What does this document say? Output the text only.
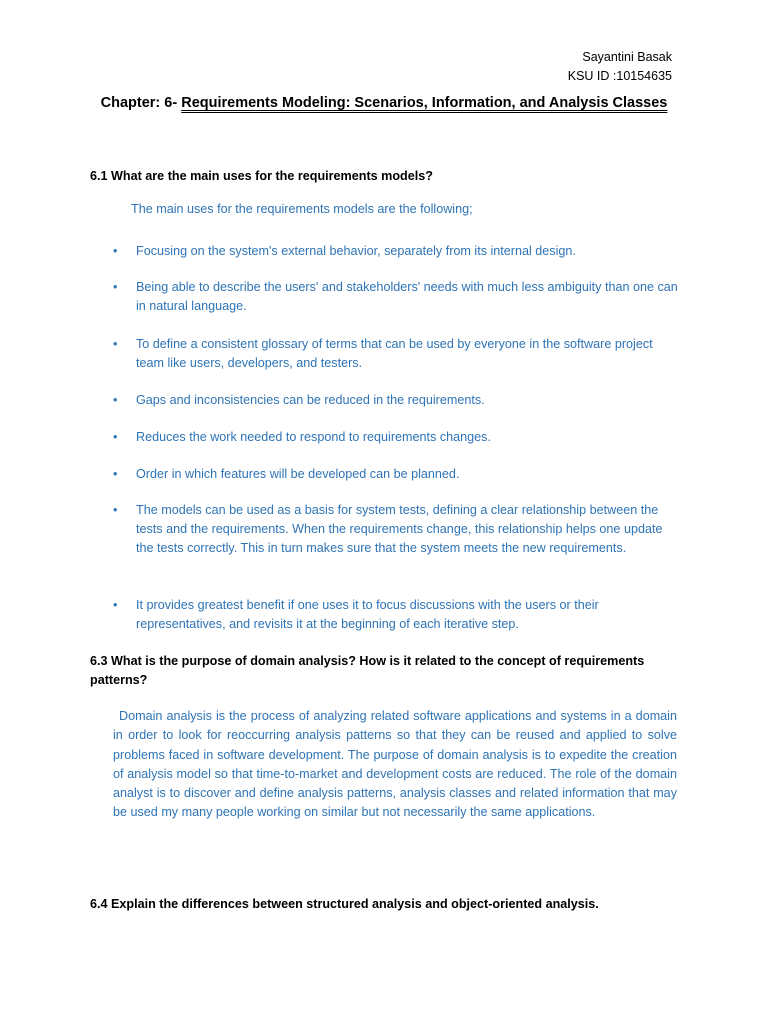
Sayantini Basak
KSU ID :10154635
Chapter: 6- Requirements Modeling: Scenarios, Information, and Analysis Classes
6.1 What are the main uses for the requirements models?
The main uses for the requirements models are the following;
• Focusing on the system's external behavior, separately from its internal design.
• Being able to describe the users' and stakeholders' needs with much less ambiguity than one can in natural language.
• To define a consistent glossary of terms that can be used by everyone in the software project team like users, developers, and testers.
• Gaps and inconsistencies can be reduced in the requirements.
• Reduces the work needed to respond to requirements changes.
• Order in which features will be developed can be planned.
• The models can be used as a basis for system tests, defining a clear relationship between the tests and the requirements. When the requirements change, this relationship helps one update the tests correctly. This in turn makes sure that the system meets the new requirements.
• It provides greatest benefit if one uses it to focus discussions with the users or their representatives, and revisits it at the beginning of each iterative step.
6.3 What is the purpose of domain analysis? How is it related to the concept of requirements patterns?
Domain analysis is the process of analyzing related software applications and systems in a domain in order to look for reoccurring analysis patterns so that they can be reused and applied to solve problems faced in software development. The purpose of domain analysis is to expedite the creation of analysis model so that time-to-market and development costs are reduced. The role of the domain analyst is to discover and define analysis patterns, analysis classes and related information that may be used my many people working on similar but not necessarily the same applications.
6.4 Explain the differences between structured analysis and object-oriented analysis.
